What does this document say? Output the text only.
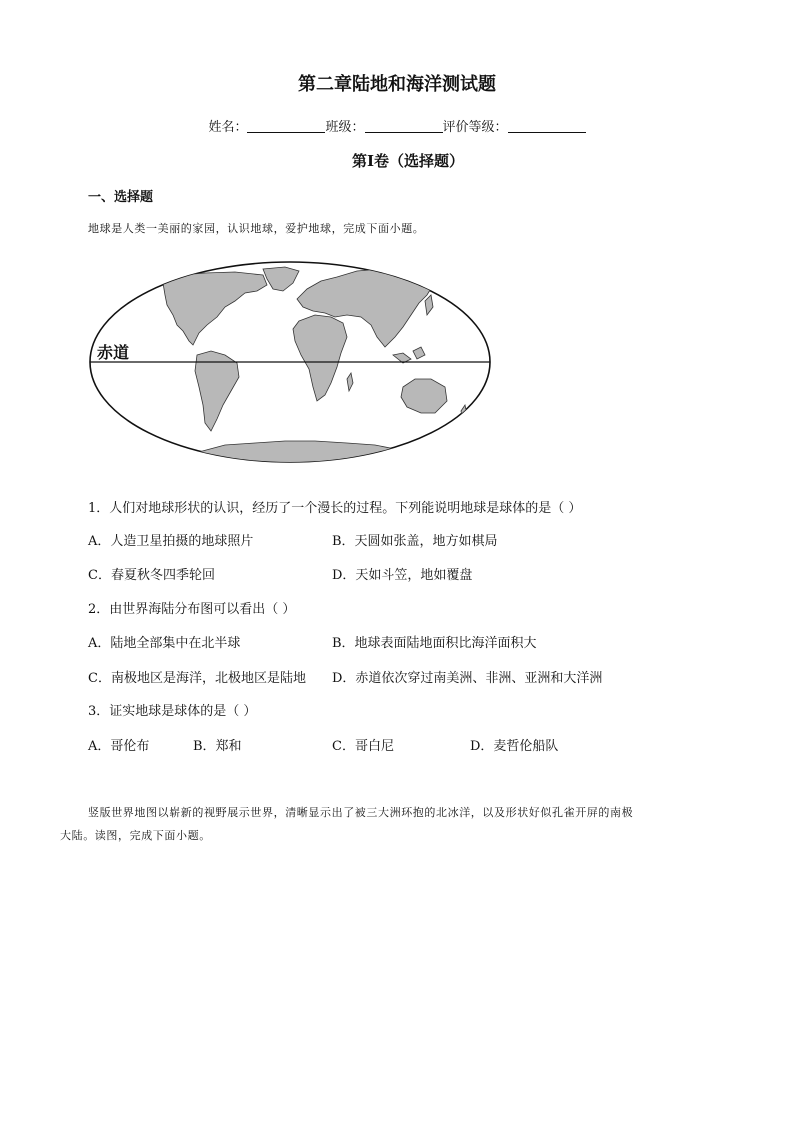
第二章陆地和海洋测试题
姓名：	班级：	评价等级：
第I卷（选择题）
一、选择题
地球是人类一美丽的家园，认识地球，爱护地球，完成下面小题。
赤道
1．人们对地球形状的认识，经历了一个漫长的过程。下列能说明地球是球体的是（ ）
A．人造卫星拍摄的地球照片	B．天圆如张盖，地方如棋局
C．春夏秋冬四季轮回	D．天如斗笠，地如覆盘
2．由世界海陆分布图可以看出（ ）
A．陆地全部集中在北半球	B．地球表面陆地面积比海洋面积大
C．南极地区是海洋，北极地区是陆地 D．赤道依次穿过南美洲、非洲、亚洲和大洋洲
3．证实地球是球体的是（ ）
A．哥伦布	B．郑和	C．哥白尼	D．麦哲伦船队
竖版世界地图以崭新的视野展示世界，清晰显示出了被三大洲环抱的北冰洋，以及形状好似孔雀开屏的南极
大陆。读图，完成下面小题。
